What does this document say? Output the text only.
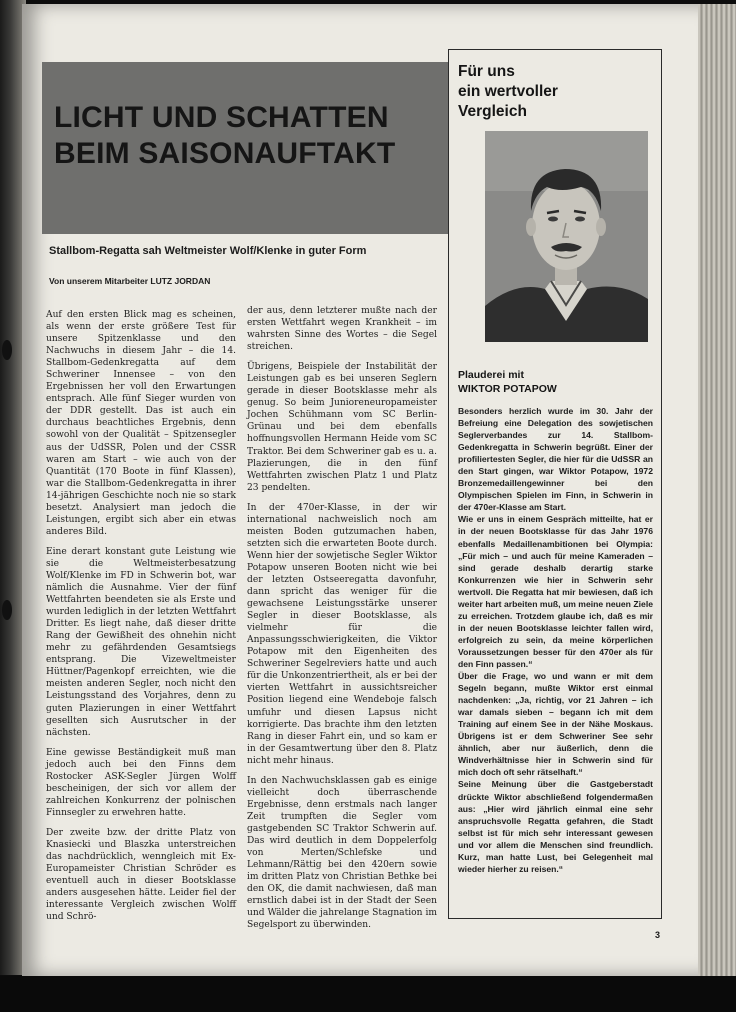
LICHT UND SCHATTEN
BEIM SAISONAUFTAKT

Stallbom-Regatta sah Weltmeister Wolf/Klenke in guter Form

Von unserem Mitarbeiter LUTZ JORDAN

Auf den ersten Blick mag es scheinen, als wenn der erste größere Test für unsere Spitzenklasse und den Nachwuchs in diesem Jahr – die 14. Stallbom-Gedenkregatta auf dem Schweriner Innensee – von den Ergebnissen her voll den Erwartungen entsprach. Alle fünf Sieger wurden von der DDR gestellt. Das ist auch ein durchaus beachtliches Ergebnis, denn sowohl von der Qualität – Spitzensegler aus der UdSSR, Polen und der CSSR waren am Start – wie auch von der Quantität (170 Boote in fünf Klassen), war die Stallbom-Gedenkregatta in ihrer 14-jährigen Geschichte noch nie so stark besetzt. Analysiert man jedoch die Leistungen, ergibt sich aber ein etwas anderes Bild.

Eine derart konstant gute Leistung wie sie die Weltmeisterbesatzung Wolf/Klenke im FD in Schwerin bot, war nämlich die Ausnahme. Vier der fünf Wettfahrten beendeten sie als Erste und wurden lediglich in der letzten Wettfahrt Dritter. Es liegt nahe, daß dieser dritte Rang der Gewißheit des ohnehin nicht mehr zu gefährdenden Gesamtsiegs entsprang. Die Vizeweltmeister Hüttner/Pagenkopf erreichten, wie die meisten anderen Segler, noch nicht den Leistungsstand des Vorjahres, denn zu guten Plazierungen in einer Wettfahrt gesellten sich Ausrutscher in der nächsten.

Eine gewisse Beständigkeit muß man jedoch auch bei den Finns dem Rostocker ASK-Segler Jürgen Wolff bescheinigen, der sich vor allem der zahlreichen Konkurrenz der polnischen Finnsegler zu erwehren hatte.

Der zweite bzw. der dritte Platz von Knasiecki und Blaszka unterstreichen das nachdrücklich, wenngleich mit Ex-Europameister Christian Schröder es eventuell auch in dieser Bootsklasse anders ausgesehen hätte. Leider fiel der interessante Vergleich zwischen Wolff und Schrö-

der aus, denn letzterer mußte nach der ersten Wettfahrt wegen Krankheit – im wahrsten Sinne des Wortes – die Segel streichen.

Übrigens, Beispiele der Instabilität der Leistungen gab es bei unseren Seglern gerade in dieser Bootsklasse mehr als genug. So beim Junioreneuropameister Jochen Schühmann vom SC Berlin-Grünau und bei dem ebenfalls hoffnungsvollen Hermann Heide vom SC Traktor. Bei dem Schweriner gab es u. a. Plazierungen, die in den fünf Wettfahrten zwischen Platz 1 und Platz 23 pendelten.

In der 470er-Klasse, in der wir international nachweislich noch am meisten Boden gutzumachen haben, setzten sich die erwarteten Boote durch. Wenn hier der sowjetische Segler Wiktor Potapow unseren Booten nicht wie bei der letzten Ostseeregatta davonfuhr, dann spricht das weniger für die gewachsene Leistungsstärke unserer Segler in dieser Bootsklasse, als vielmehr für die Anpassungsschwierigkeiten, die Viktor Potapow mit den Eigenheiten des Schweriner Segelreviers hatte und auch für die Unkonzentriertheit, als er bei der vierten Wettfahrt in aussichtsreicher Position liegend eine Wendeboje falsch umfuhr und diesen Lapsus nicht korrigierte. Das brachte ihm den letzten Rang in dieser Fahrt ein, und so kam er in der Gesamtwertung über den 8. Platz nicht mehr hinaus.

In den Nachwuchsklassen gab es einige vielleicht doch überraschende Ergebnisse, denn erstmals nach langer Zeit trumpften die Segler vom gastgebenden SC Traktor Schwerin auf. Das wird deutlich in dem Doppelerfolg von Merten/Schlefske und Lehmann/Rättig bei den 420ern sowie im dritten Platz von Christian Bethke bei den OK, die damit nachwiesen, daß man ernstlich dabei ist in der Stadt der Seen und Wälder die jahrelange Stagnation im Segelsport zu überwinden.

Für uns
ein wertvoller
Vergleich
Plauderei mit
WIKTOR POTAPOW

Besonders herzlich wurde im 30. Jahr der Befreiung eine Delegation des sowjetischen Seglerverbandes zur 14. Stallbom-Gedenkregatta in Schwerin begrüßt. Einer der profiliertesten Segler, die hier für die UdSSR an den Start gingen, war Wiktor Potapow, 1972 Bronzemedaillengewinner bei den Olympischen Spielen im Finn, in Schwerin in der 470er-Klasse am Start.

Wie er uns in einem Gespräch mitteilte, hat er in der neuen Bootsklasse für das Jahr 1976 ebenfalls Medaillenambitionen bei Olympia: „Für mich – und auch für meine Kameraden – sind gerade deshalb derartig starke Konkurrenzen wie hier in Schwerin sehr wertvoll. Die Regatta hat mir bewiesen, daß ich weiter hart arbeiten muß, um meine neuen Ziele zu erreichen. Trotzdem glaube ich, daß es mir in der neuen Bootsklasse leichter fallen wird, erfolgreich zu sein, da meine körperlichen Voraussetzungen besser für den 470er als für den Finn passen.“

Über die Frage, wo und wann er mit dem Segeln begann, mußte Wiktor erst einmal nachdenken: „Ja, richtig, vor 21 Jahren – ich war damals sieben – begann ich mit dem Training auf einem See in der Nähe Moskaus. Übrigens ist er dem Schweriner See sehr ähnlich, aber nur äußerlich, denn die Windverhältnisse hier in Schwerin sind für mich doch oft sehr rätselhaft.“

Seine Meinung über die Gastgeberstadt drückte Wiktor abschließend folgendermaßen aus: „Hier wird jährlich einmal eine sehr anspruchsvolle Regatta gefahren, die Stadt selbst ist für mich sehr interessant gewesen und vor allem die Menschen sind freundlich. Kurz, man hatte Lust, bei Gelegenheit mal wieder hierher zu reisen.“

3
